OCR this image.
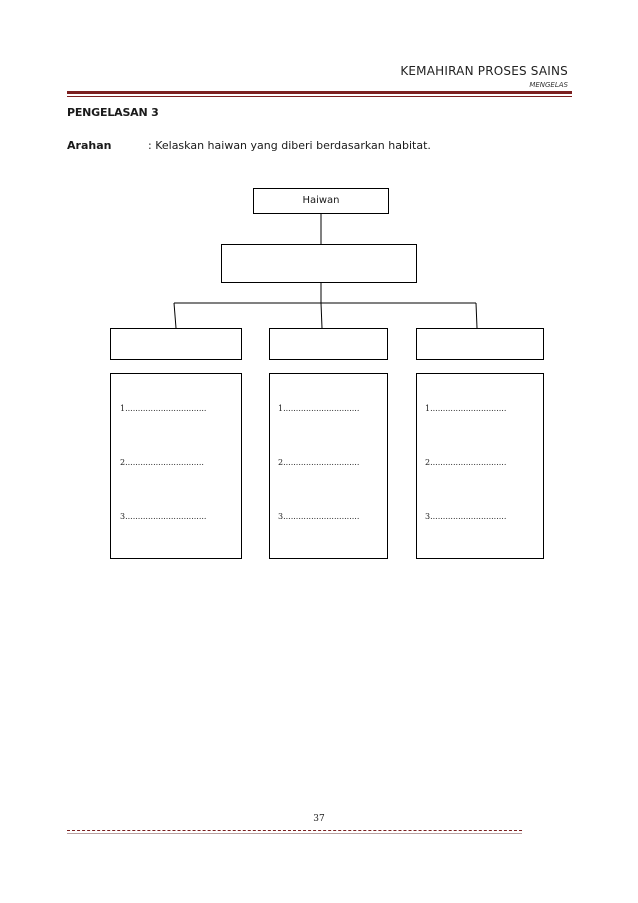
KEMAHIRAN PROSES SAINS
MENGELAS
PENGELASAN 3
Arahan	: Kelaskan haiwan yang diberi berdasarkan habitat.
Haiwan
1................................
2...............................
3................................
1..............................
2..............................
3..............................
1..............................
2..............................
3..............................
37
